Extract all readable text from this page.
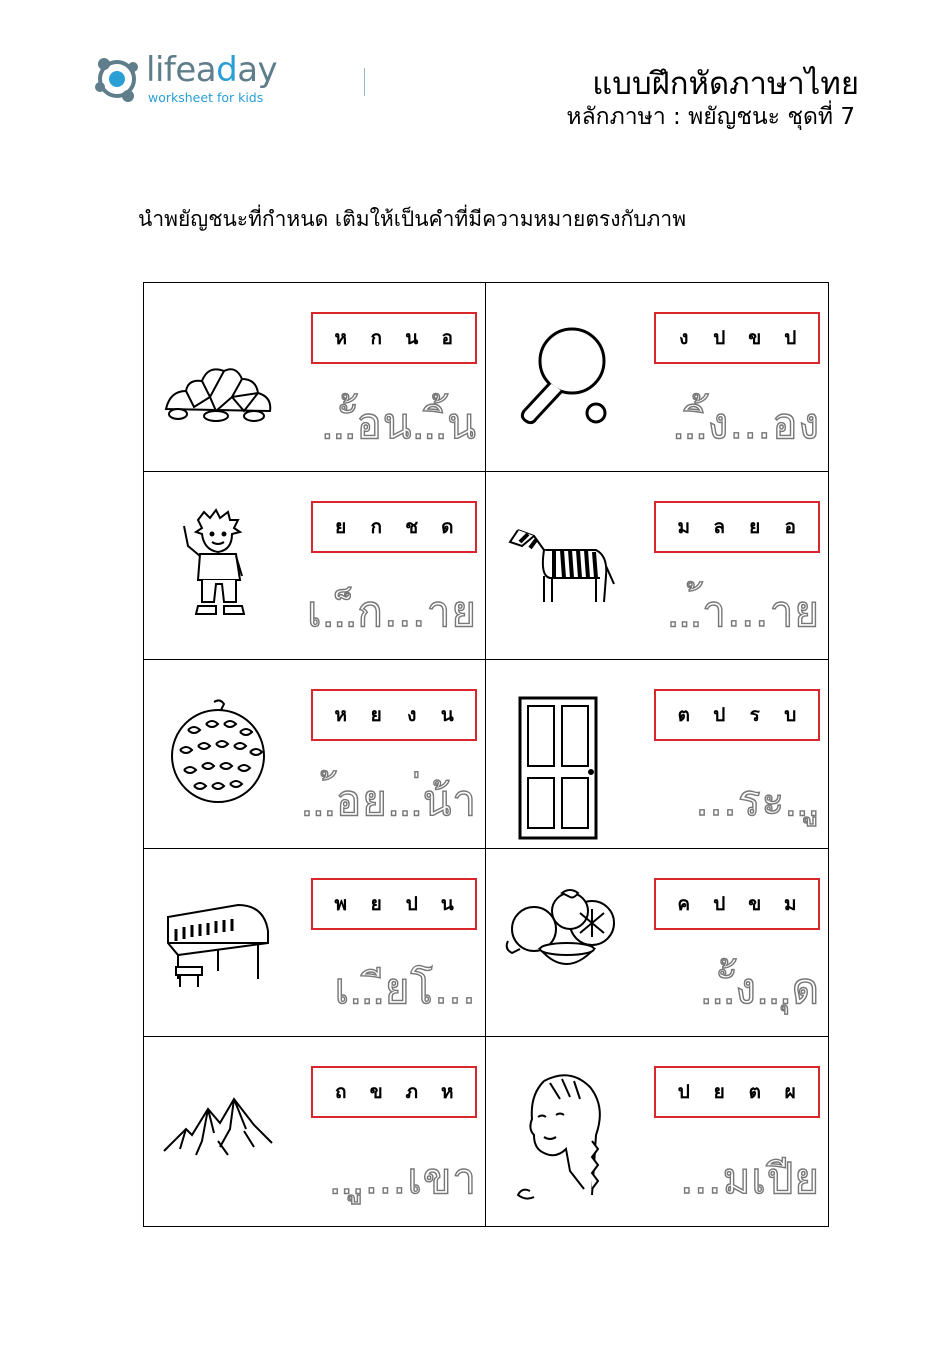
lifeaday
worksheet for kids	แบบฝึกหัดภาษาไทย
หลักภาษา : พยัญชนะ ชุดที่ 7
นำพยัญชนะที่กำหนด เติมให้เป็นคำที่มีความหมายตรงกับภาพ
ห ก น อ
…ั้อน…ิ้น
ง	ป ข ป
…ิ้ง…อง
ย ก ช ด
เ…็ก…าย
ม ล ย อ
…้า…าย
ห ย	ง	น
…้อย…่น้า
ต ป	ร	บ
…ระ…ู
พ ย ป น
เ…ียโ…
ค ป ข ม
…ั้ง…ุด
ถ ข ภ ห
…ู…เขา
ป ย ต ผ
…มเปีย
